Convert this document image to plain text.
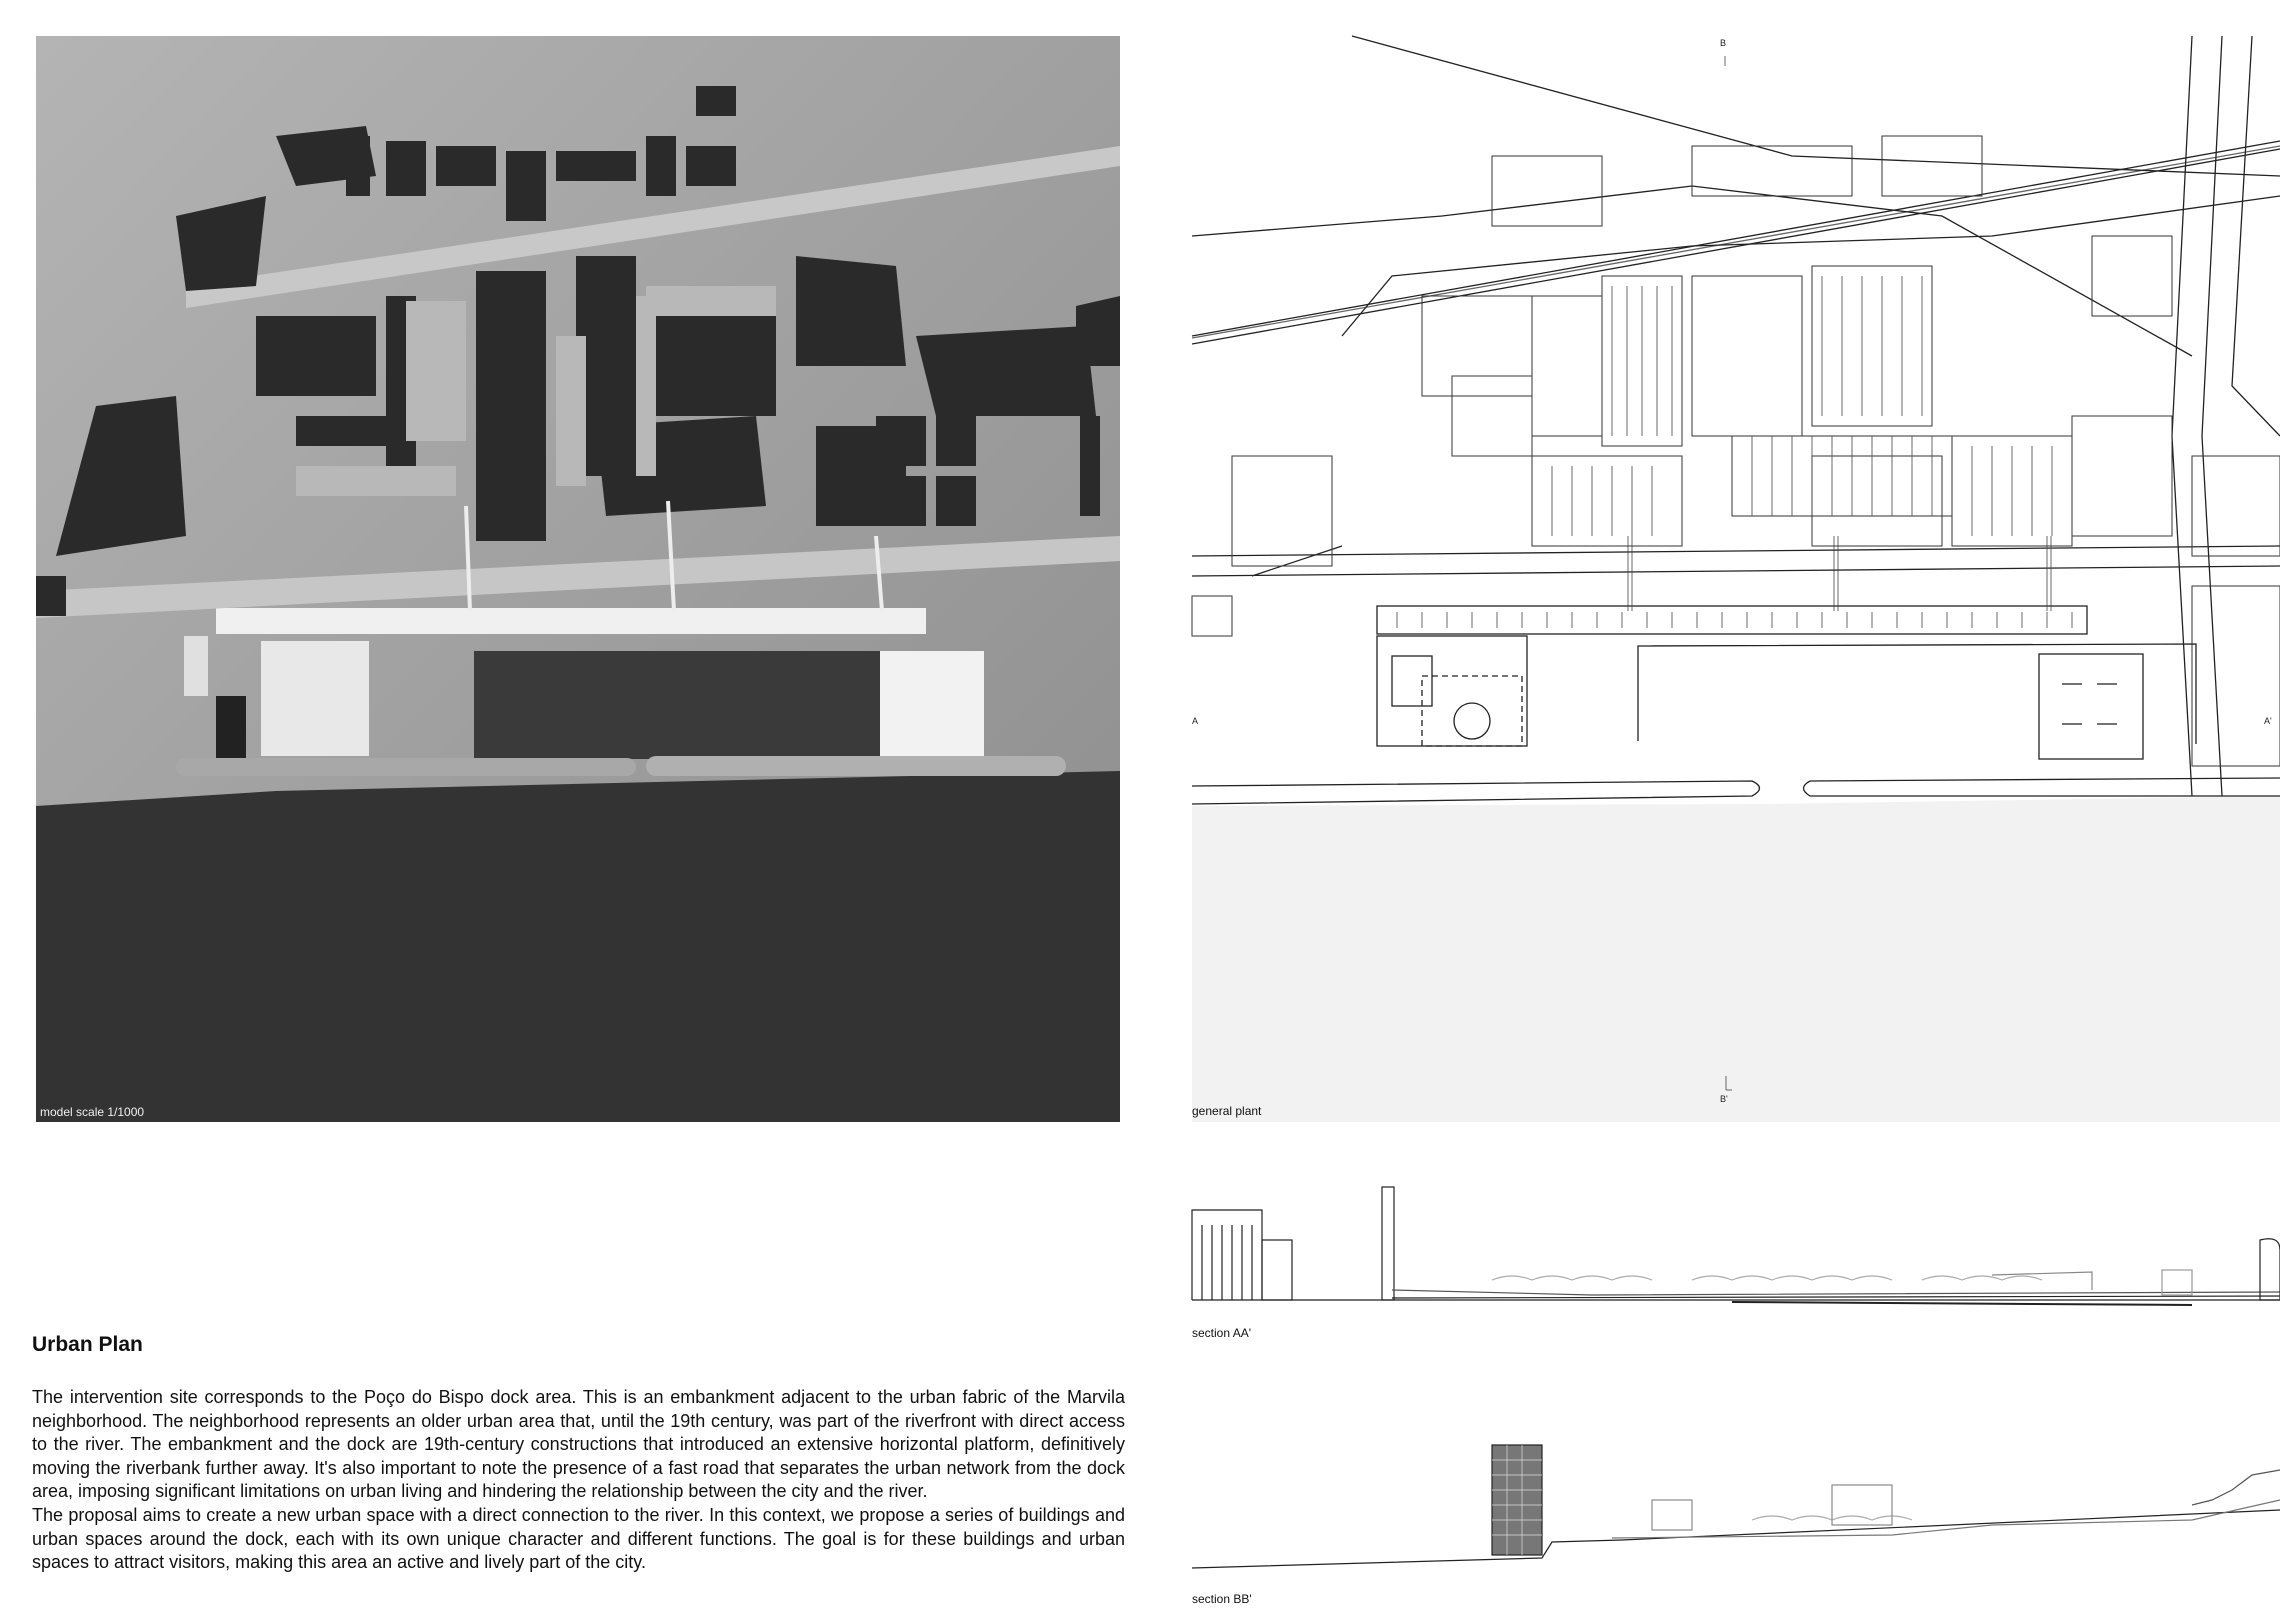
model scale 1/1000
B
B'
A	A'
general plant
section AA'
section BB'
Urban Plan

The intervention site corresponds to the Poço do Bispo dock area. This is an embankment adjacent to the urban fabric of the Marvila neighborhood. The neighborhood represents an older urban area that, until the 19th century, was part of the riverfront with direct access to the river. The embankment and the dock are 19th-century constructions that introduced an extensive horizontal platform, definitively moving the riverbank further away. It's also important to note the presence of a fast road that separates the urban network from the dock area, imposing significant limitations on urban living and hindering the relationship between the city and the river.

The proposal aims to create a new urban space with a direct connection to the river. In this context, we propose a series of buildings and urban spaces around the dock, each with its own unique character and different functions. The goal is for these buildings and urban spaces to attract visitors, making this area an active and lively part of the city.
